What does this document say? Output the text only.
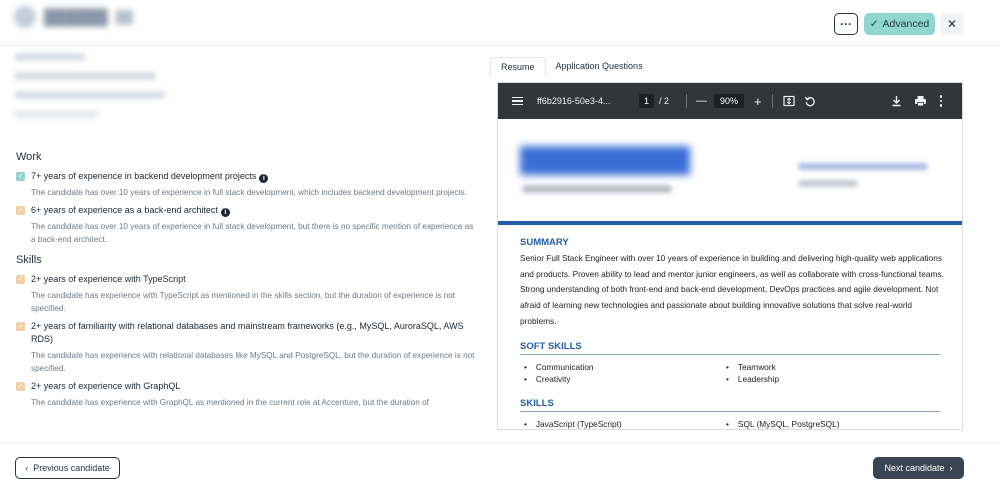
██████ ██	···	✓ Advanced	✕
Work
✓ 7+ years of experience in backend development projects i
The candidate has over 10 years of experience in full stack development, which includes backend development projects.
✓ 6+ years of experience as a back-end architect i
The candidate has over 10 years of experience in full stack development, but there is no specific mention of experience as a back-end architect.
Skills
✓ 2+ years of experience with TypeScript
The candidate has experience with TypeScript as mentioned in the skills section, but the duration of experience is not specified.
✓ 2+ years of familiarity with relational databases and mainstream frameworks (e.g., MySQL, AuroraSQL, AWS RDS)
The candidate has experience with relational databases like MySQL and PostgreSQL, but the duration of experience is not specified.
✓ 2+ years of experience with GraphQL
The candidate has experience with GraphQL as mentioned in the current role at Accenture, but the duration of
Resume	Application Questions
ff6b2916-50e3-4...	1	/ 2 —	90%	+
██████████
SUMMARY
Senior Full Stack Engineer with over 10 years of experience in building and delivering high-quality web applications and products. Proven ability to lead and mentor junior engineers, as well as collaborate with cross-functional teams. Strong understanding of both front-end and back-end development, DevOps practices and agile development. Not afraid of learning new technologies and passionate about building innovative solutions that solve real-world problems.
SOFT SKILLS
• Communication
• Creativity
• Teamwork
• Leadership
SKILLS
• JavaScript (TypeScript)
•	SQL (MySQL, PostgreSQL)
‹ Previous candidate	Next candidate ›
